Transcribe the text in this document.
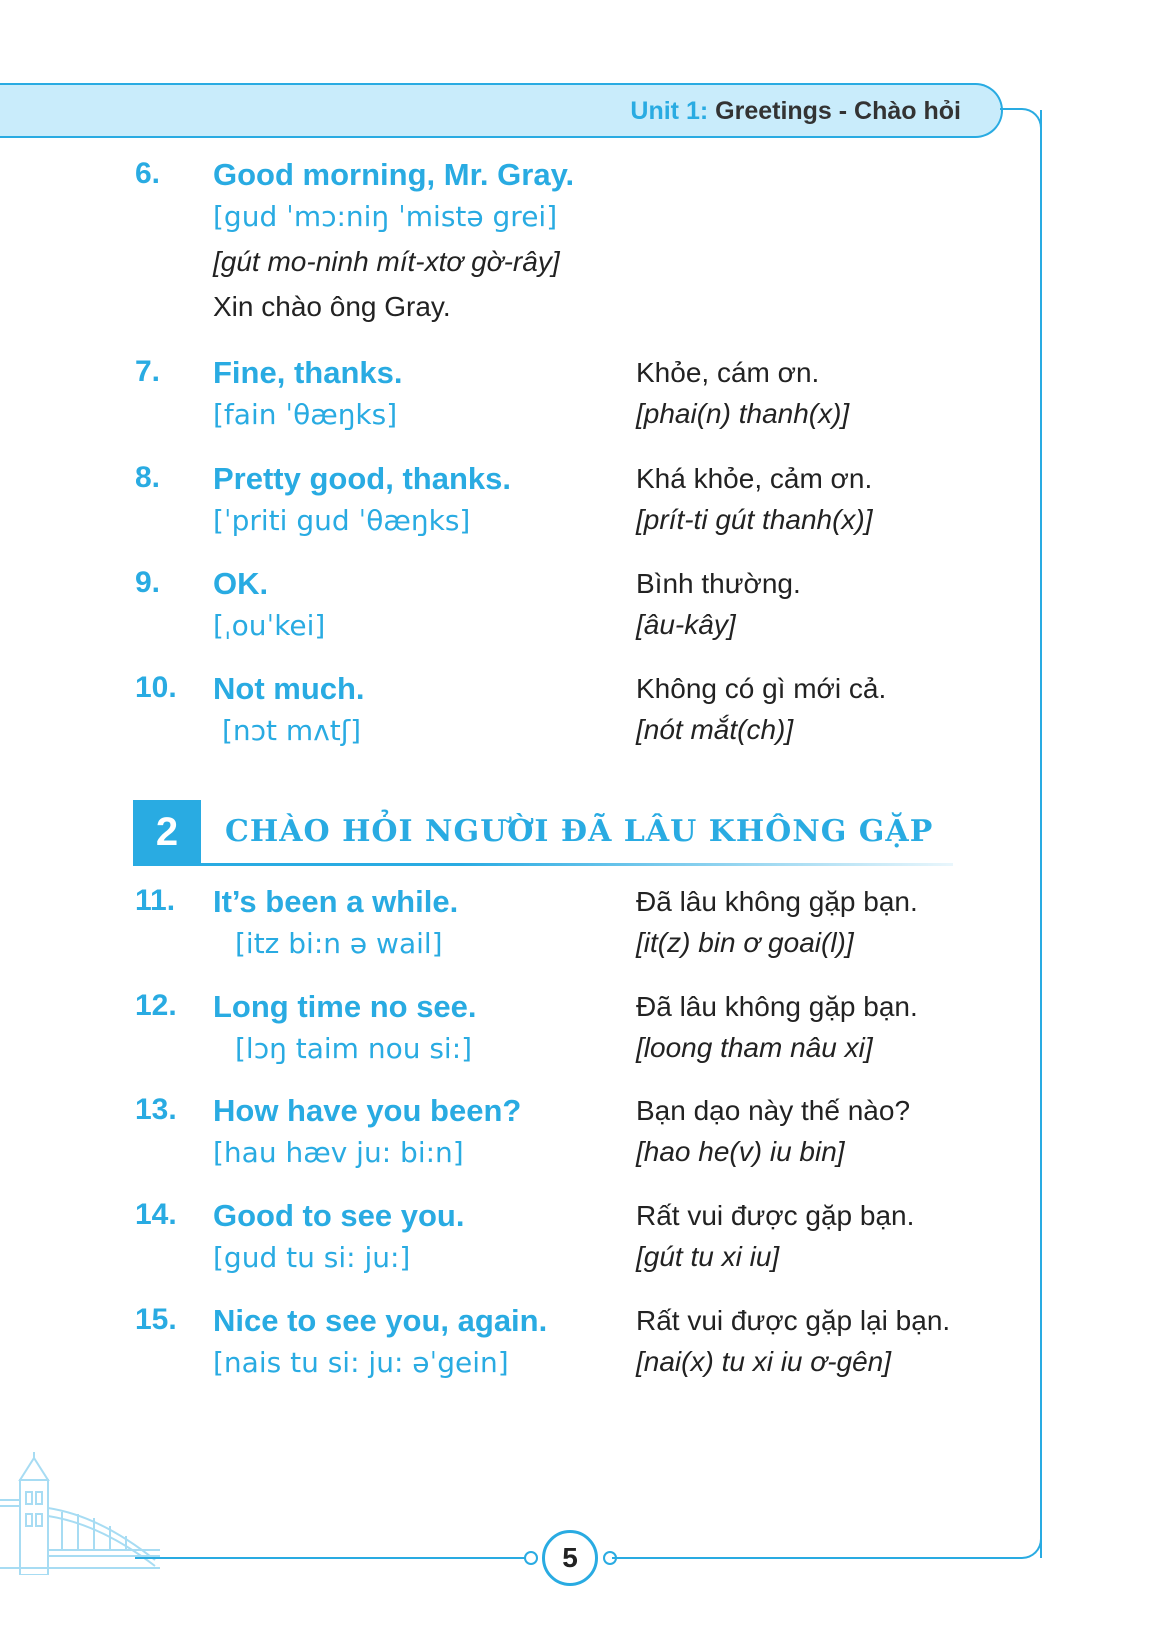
Unit 1: Greetings - Chào hỏi
6. Good morning, Mr. Gray.
[gud ˈmɔ:niŋ ˈmistə grei]
[gút mo-ninh mít-xtơ gờ-rây]
Xin chào ông Gray.
7. Fine, thanks.
[fain ˈθæŋks]
Khỏe, cám ơn.
[phai(n) thanh(x)]
8. Pretty good, thanks.
[ˈpriti gud ˈθæŋks]
Khá khỏe, cảm ơn.
[prít-ti gút thanh(x)]
9. OK.
[ˌouˈkei]
Bình thường.
[âu-kây]
10. Not much.
[nɔt mʌtʃ]
Không có gì mới cả.
[nót mắt(ch)]
2	CHÀO HỎI NGƯỜI ĐÃ LÂU KHÔNG GẶP
11. It’s been a while.
[itz bi:n ə wail]
Đã lâu không gặp bạn.
[it(z) bin ơ goai(l)]
12. Long time no see.
[lɔŋ taim nou si:]
Đã lâu không gặp bạn.
[loong tham nâu xi]
13. How have you been?
[hau hæv ju: bi:n]
Bạn dạo này thế nào?
[hao he(v) iu bin]
14. Good to see you.
[gud tu si: ju:]
Rất vui được gặp bạn.
[gút tu xi iu]
15. Nice to see you, again.
[nais tu si: ju: əˈgein]
Rất vui được gặp lại bạn.
[nai(x) tu xi iu ơ-gên]
5
